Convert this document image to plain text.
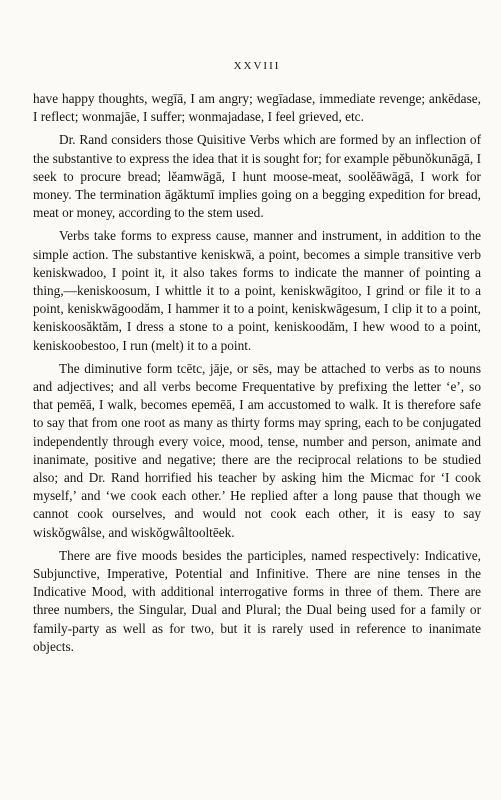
XXVIII

have happy thoughts, wegīā, I am angry; wegīadase, immediate revenge; ankēdase, I reflect; wonmajāe, I suffer; wonmajadase, I feel grieved, etc.

Dr. Rand considers those Quisitive Verbs which are formed by an inflection of the substantive to express the idea that it is sought for; for example pĕbunŏkunāgā, I seek to procure bread; lĕamwāgā, I hunt moose-meat, soolĕāwāgā, I work for money. The termination āgăktumī implies going on a begging expedition for bread, meat or money, according to the stem used.

Verbs take forms to express cause, manner and instrument, in addition to the simple action. The substantive keniskwā, a point, becomes a simple transitive verb keniskwadoo, I point it, it also takes forms to indicate the manner of pointing a thing,—keniskoosum, I whittle it to a point, keniskwāgitoo, I grind or file it to a point, keniskwāgoodăm, I hammer it to a point, keniskwāgesum, I clip it to a point, keniskoosăktăm, I dress a stone to a point, keniskoodăm, I hew wood to a point, keniskoobestoo, I run (melt) it to a point.

The diminutive form tcētc, jāje, or sēs, may be attached to verbs as to nouns and adjectives; and all verbs become Frequentative by prefixing the letter ‘e’, so that pemēā, I walk, becomes epemēā, I am accustomed to walk. It is therefore safe to say that from one root as many as thirty forms may spring, each to be conjugated independently through every voice, mood, tense, number and person, animate and inanimate, positive and negative; there are the reciprocal relations to be studied also; and Dr. Rand horrified his teacher by asking him the Micmac for ‘I cook myself,’ and ‘we cook each other.’ He replied after a long pause that though we cannot cook ourselves, and would not cook each other, it is easy to say wiskŏgwâlse, and wiskŏgwâltooltēek.

There are five moods besides the participles, named respectively: Indicative, Subjunctive, Imperative, Potential and Infinitive. There are nine tenses in the Indicative Mood, with additional interrogative forms in three of them. There are three numbers, the Singular, Dual and Plural; the Dual being used for a family or family-party as well as for two, but it is rarely used in reference to inanimate objects.
